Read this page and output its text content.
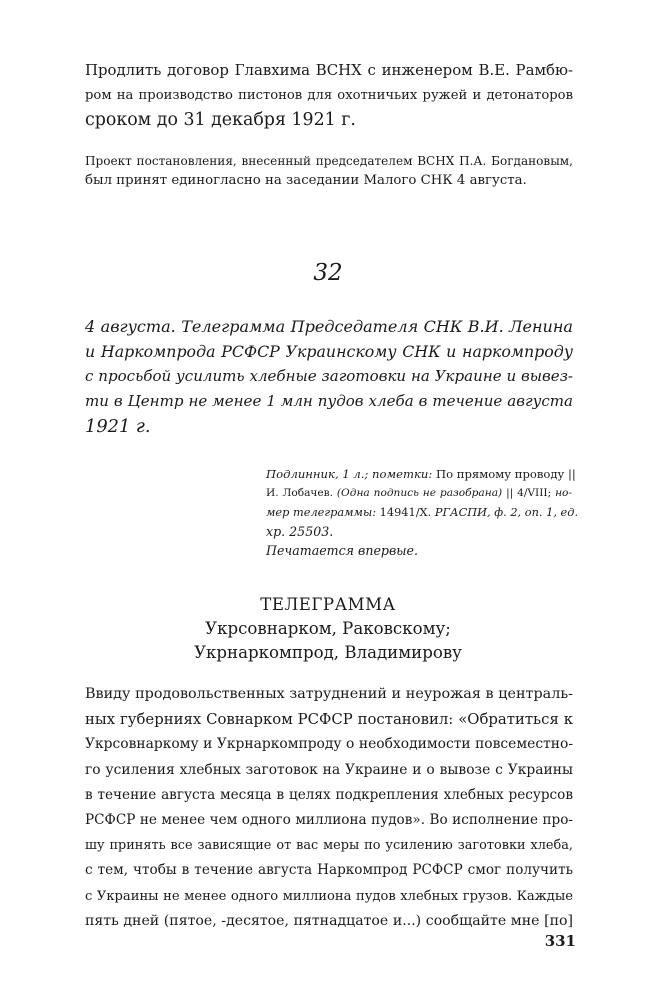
Продлить договор Главхима ВСНХ с инженером В.Е. Рамбю-
ром на производство пистонов для охотничьих ружей и детонаторов
сроком до 31 декабря 1921 г.
Проект постановления, внесенный председателем ВСНХ П.А. Богдановым,
был принят единогласно на заседании Малого СНК 4 августа.
32
4 августа. Телеграмма Председателя СНК В.И. Ленина
и Наркомпрода РСФСР Украинскому СНК и наркомпроду
с просьбой усилить хлебные заготовки на Украине и вывез-
ти в Центр не менее 1 млн пудов хлеба в течение августа
1921 г.
Подлинник, 1 л.; пометки: По прямому проводу ||
И. Лобачев. (Одна подпись не разобрана) || 4/VIII; но-
мер телеграммы: 14941/Х. РГАСПИ, ф. 2, оп. 1, ед.
хр. 25503.
Печатается впервые.
ТЕЛЕГРАММА
Укрсовнарком, Раковскому;
Укрнаркомпрод, Владимирову
Ввиду продовольственных затруднений и неурожая в централь-
ных губерниях Совнарком РСФСР постановил: «Обратиться к
Укрсовнаркому и Укрнаркомпроду о необходимости повсеместно-
го усиления хлебных заготовок на Украине и о вывозе с Украины
в течение августа месяца в целях подкрепления хлебных ресурсов
РСФСР не менее чем одного миллиона пудов». Во исполнение про-
шу принять все зависящие от вас меры по усилению заготовки хлеба,
с тем, чтобы в течение августа Наркомпрод РСФСР смог получить
с Украины не менее одного миллиона пудов хлебных грузов. Каждые
пять дней (пятое, -десятое, пятнадцатое и...) сообщайте мне [по]
331
